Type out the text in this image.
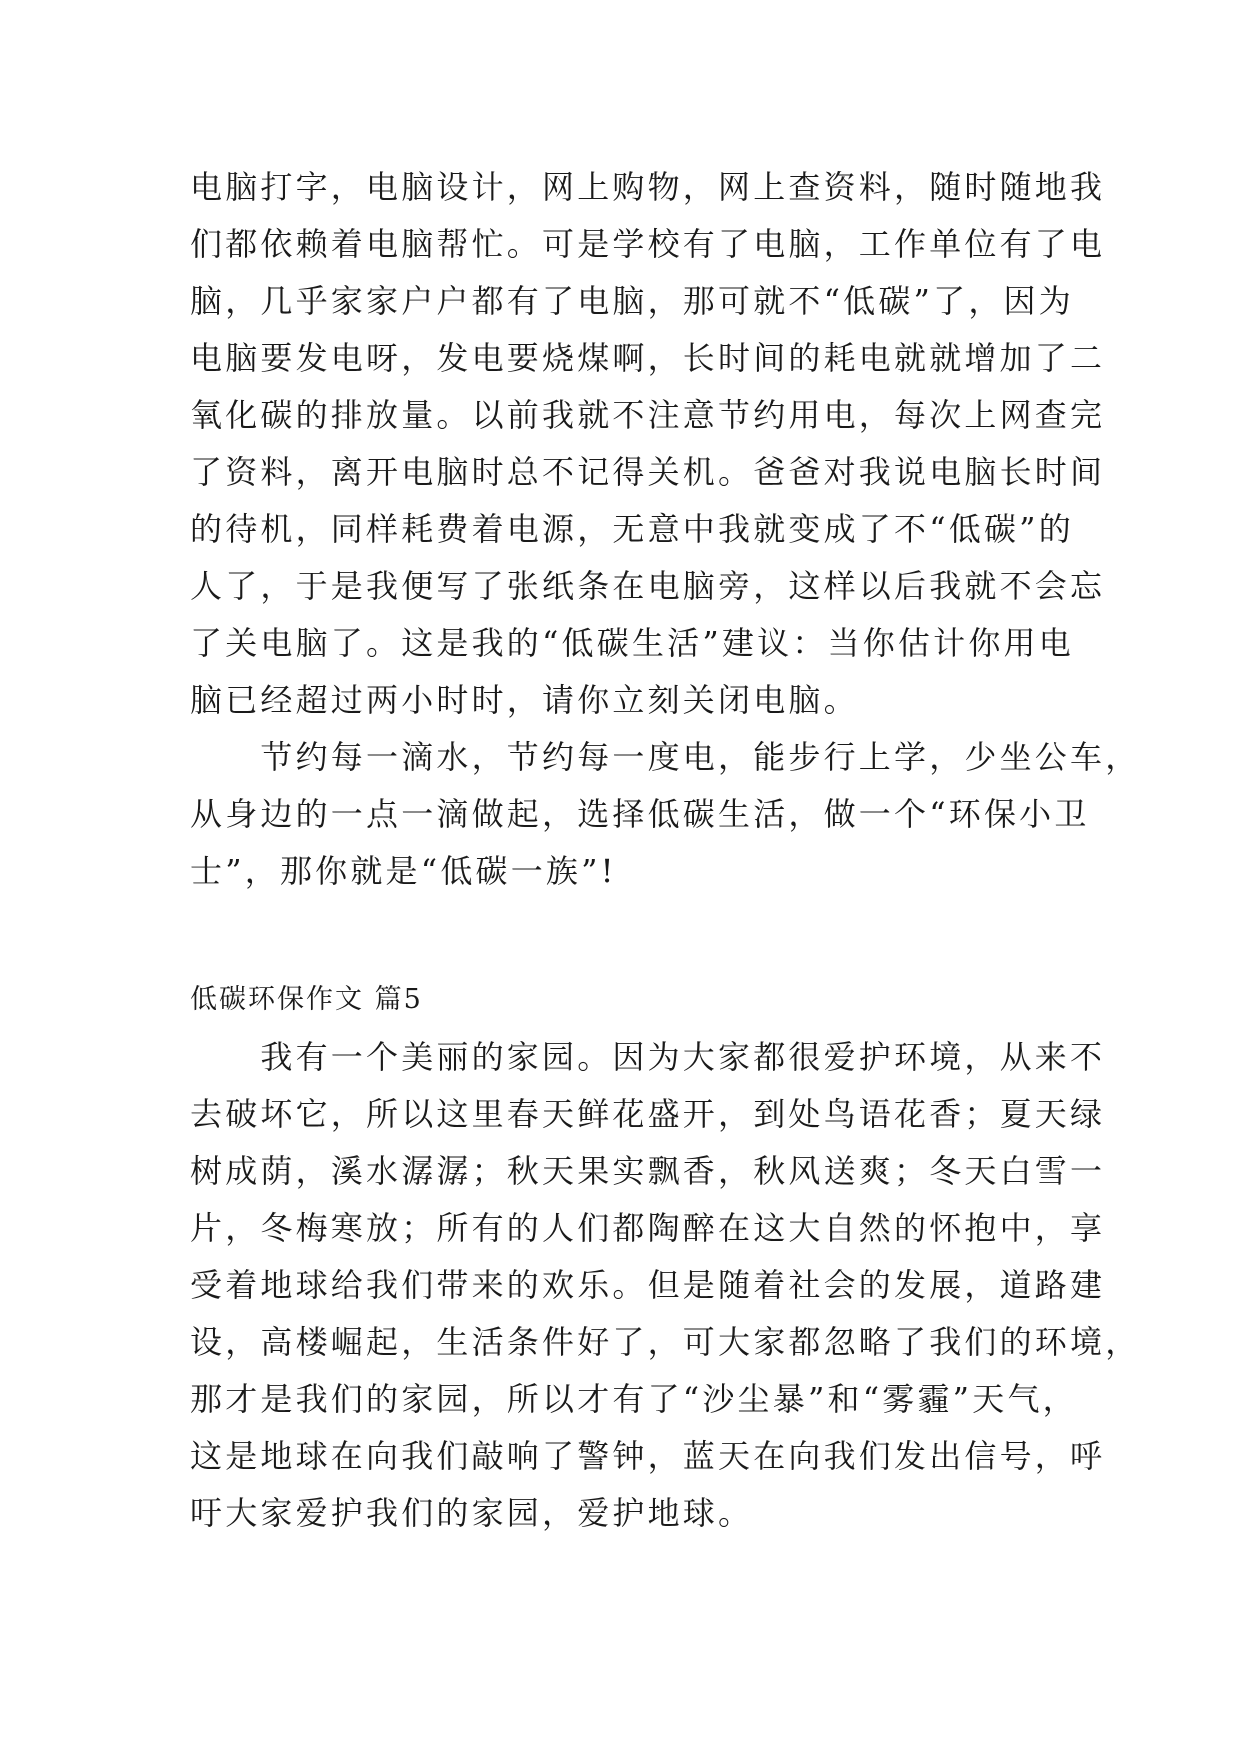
电脑打字，电脑设计，网上购物，网上查资料，随时随地我
们都依赖着电脑帮忙。可是学校有了电脑，工作单位有了电
脑，几乎家家户户都有了电脑，那可就不“低碳”了，因为
电脑要发电呀，发电要烧煤啊，长时间的耗电就就增加了二
氧化碳的排放量。以前我就不注意节约用电，每次上网查完
了资料，离开电脑时总不记得关机。爸爸对我说电脑长时间
的待机，同样耗费着电源，无意中我就变成了不“低碳”的
人了，于是我便写了张纸条在电脑旁，这样以后我就不会忘
了关电脑了。这是我的“低碳生活”建议：当你估计你用电
脑已经超过两小时时，请你立刻关闭电脑。
　　节约每一滴水，节约每一度电，能步行上学，少坐公车，
从身边的一点一滴做起，选择低碳生活，做一个“环保小卫
士”，那你就是“低碳一族”!
低碳环保作文 篇5
　　我有一个美丽的家园。因为大家都很爱护环境，从来不
去破坏它，所以这里春天鲜花盛开，到处鸟语花香；夏天绿
树成荫，溪水潺潺；秋天果实飘香，秋风送爽；冬天白雪一
片，冬梅寒放；所有的人们都陶醉在这大自然的怀抱中，享
受着地球给我们带来的欢乐。但是随着社会的发展，道路建
设，高楼崛起，生活条件好了，可大家都忽略了我们的环境，
那才是我们的家园，所以才有了“沙尘暴”和“雾霾”天气，
这是地球在向我们敲响了警钟，蓝天在向我们发出信号，呼
吁大家爱护我们的家园，爱护地球。
